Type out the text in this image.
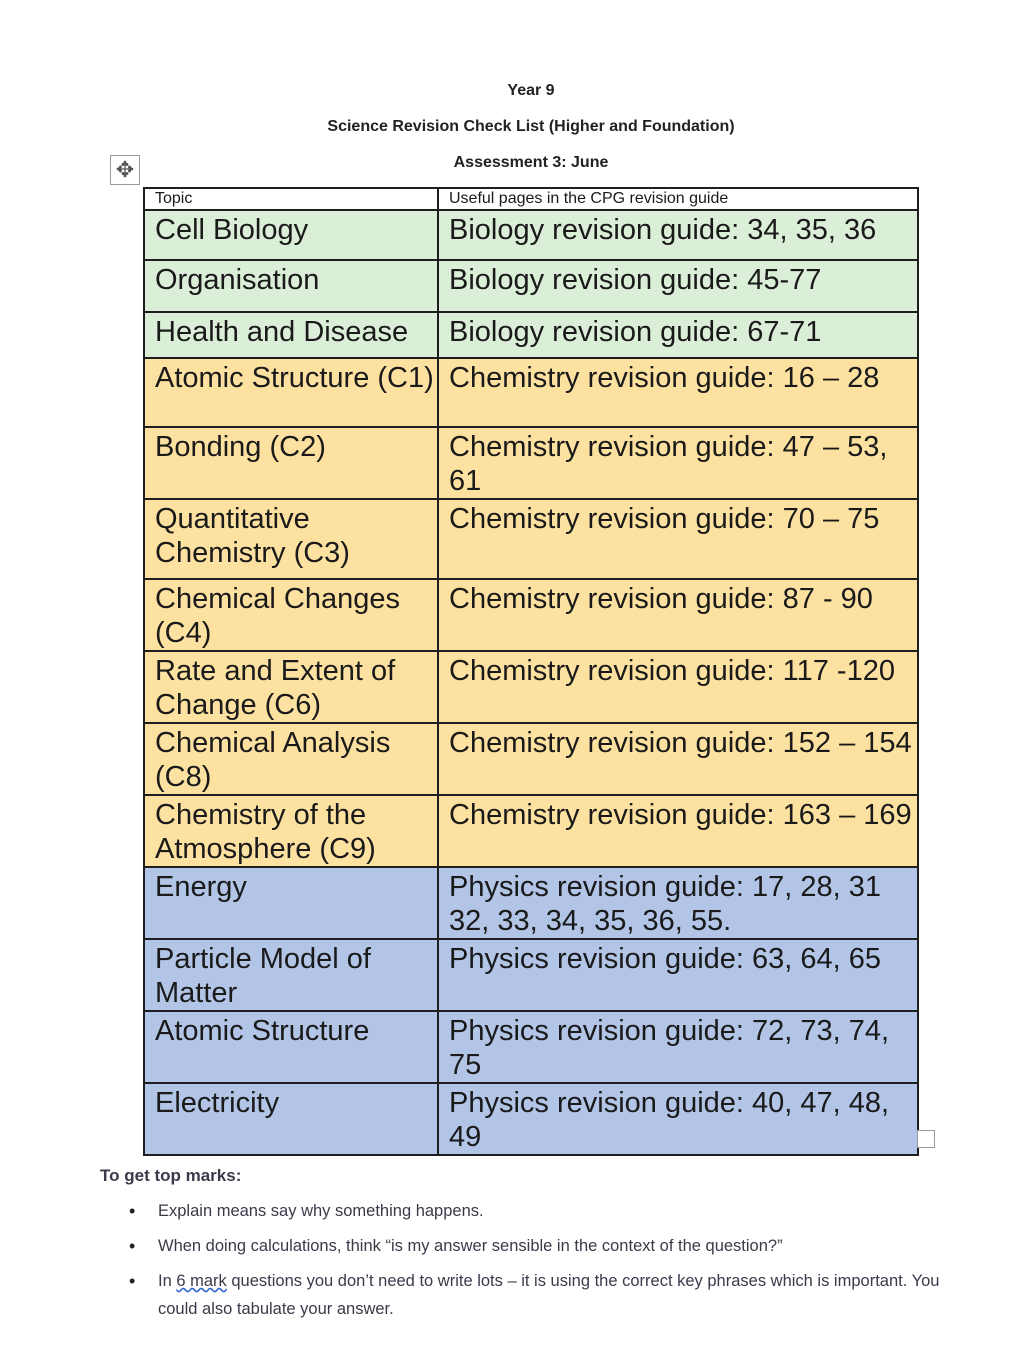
Year 9
Science Revision Check List (Higher and Foundation)
Assessment 3: June
✥
Topic	Useful pages in the CPG revision guide
Cell Biology	Biology revision guide: 34, 35, 36
Organisation	Biology revision guide: 45-77
Health and Disease	Biology revision guide: 67-71
Atomic Structure (C1)	Chemistry revision guide: 16 – 28
Bonding (C2)	Chemistry revision guide: 47 – 53, 61
Quantitative Chemistry (C3)	Chemistry revision guide: 70 – 75
Chemical Changes (C4)	Chemistry revision guide: 87 - 90
Rate and Extent of Change (C6)	Chemistry revision guide: 117 -120
Chemical Analysis (C8)	Chemistry revision guide: 152 – 154
Chemistry of the Atmosphere (C9)	Chemistry revision guide: 163 – 169
Energy	Physics revision guide: 17, 28, 31 32, 33, 34, 35, 36, 55.
Particle Model of Matter	Physics revision guide: 63, 64, 65
Atomic Structure	Physics revision guide: 72, 73, 74, 75
Electricity	Physics revision guide: 40, 47, 48, 49
To get top marks:
• Explain means say why something happens.
• When doing calculations, think “is my answer sensible in the context of the question?”
• In 6 mark questions you don’t need to write lots – it is using the correct key phrases which is important. You could also tabulate your answer.
